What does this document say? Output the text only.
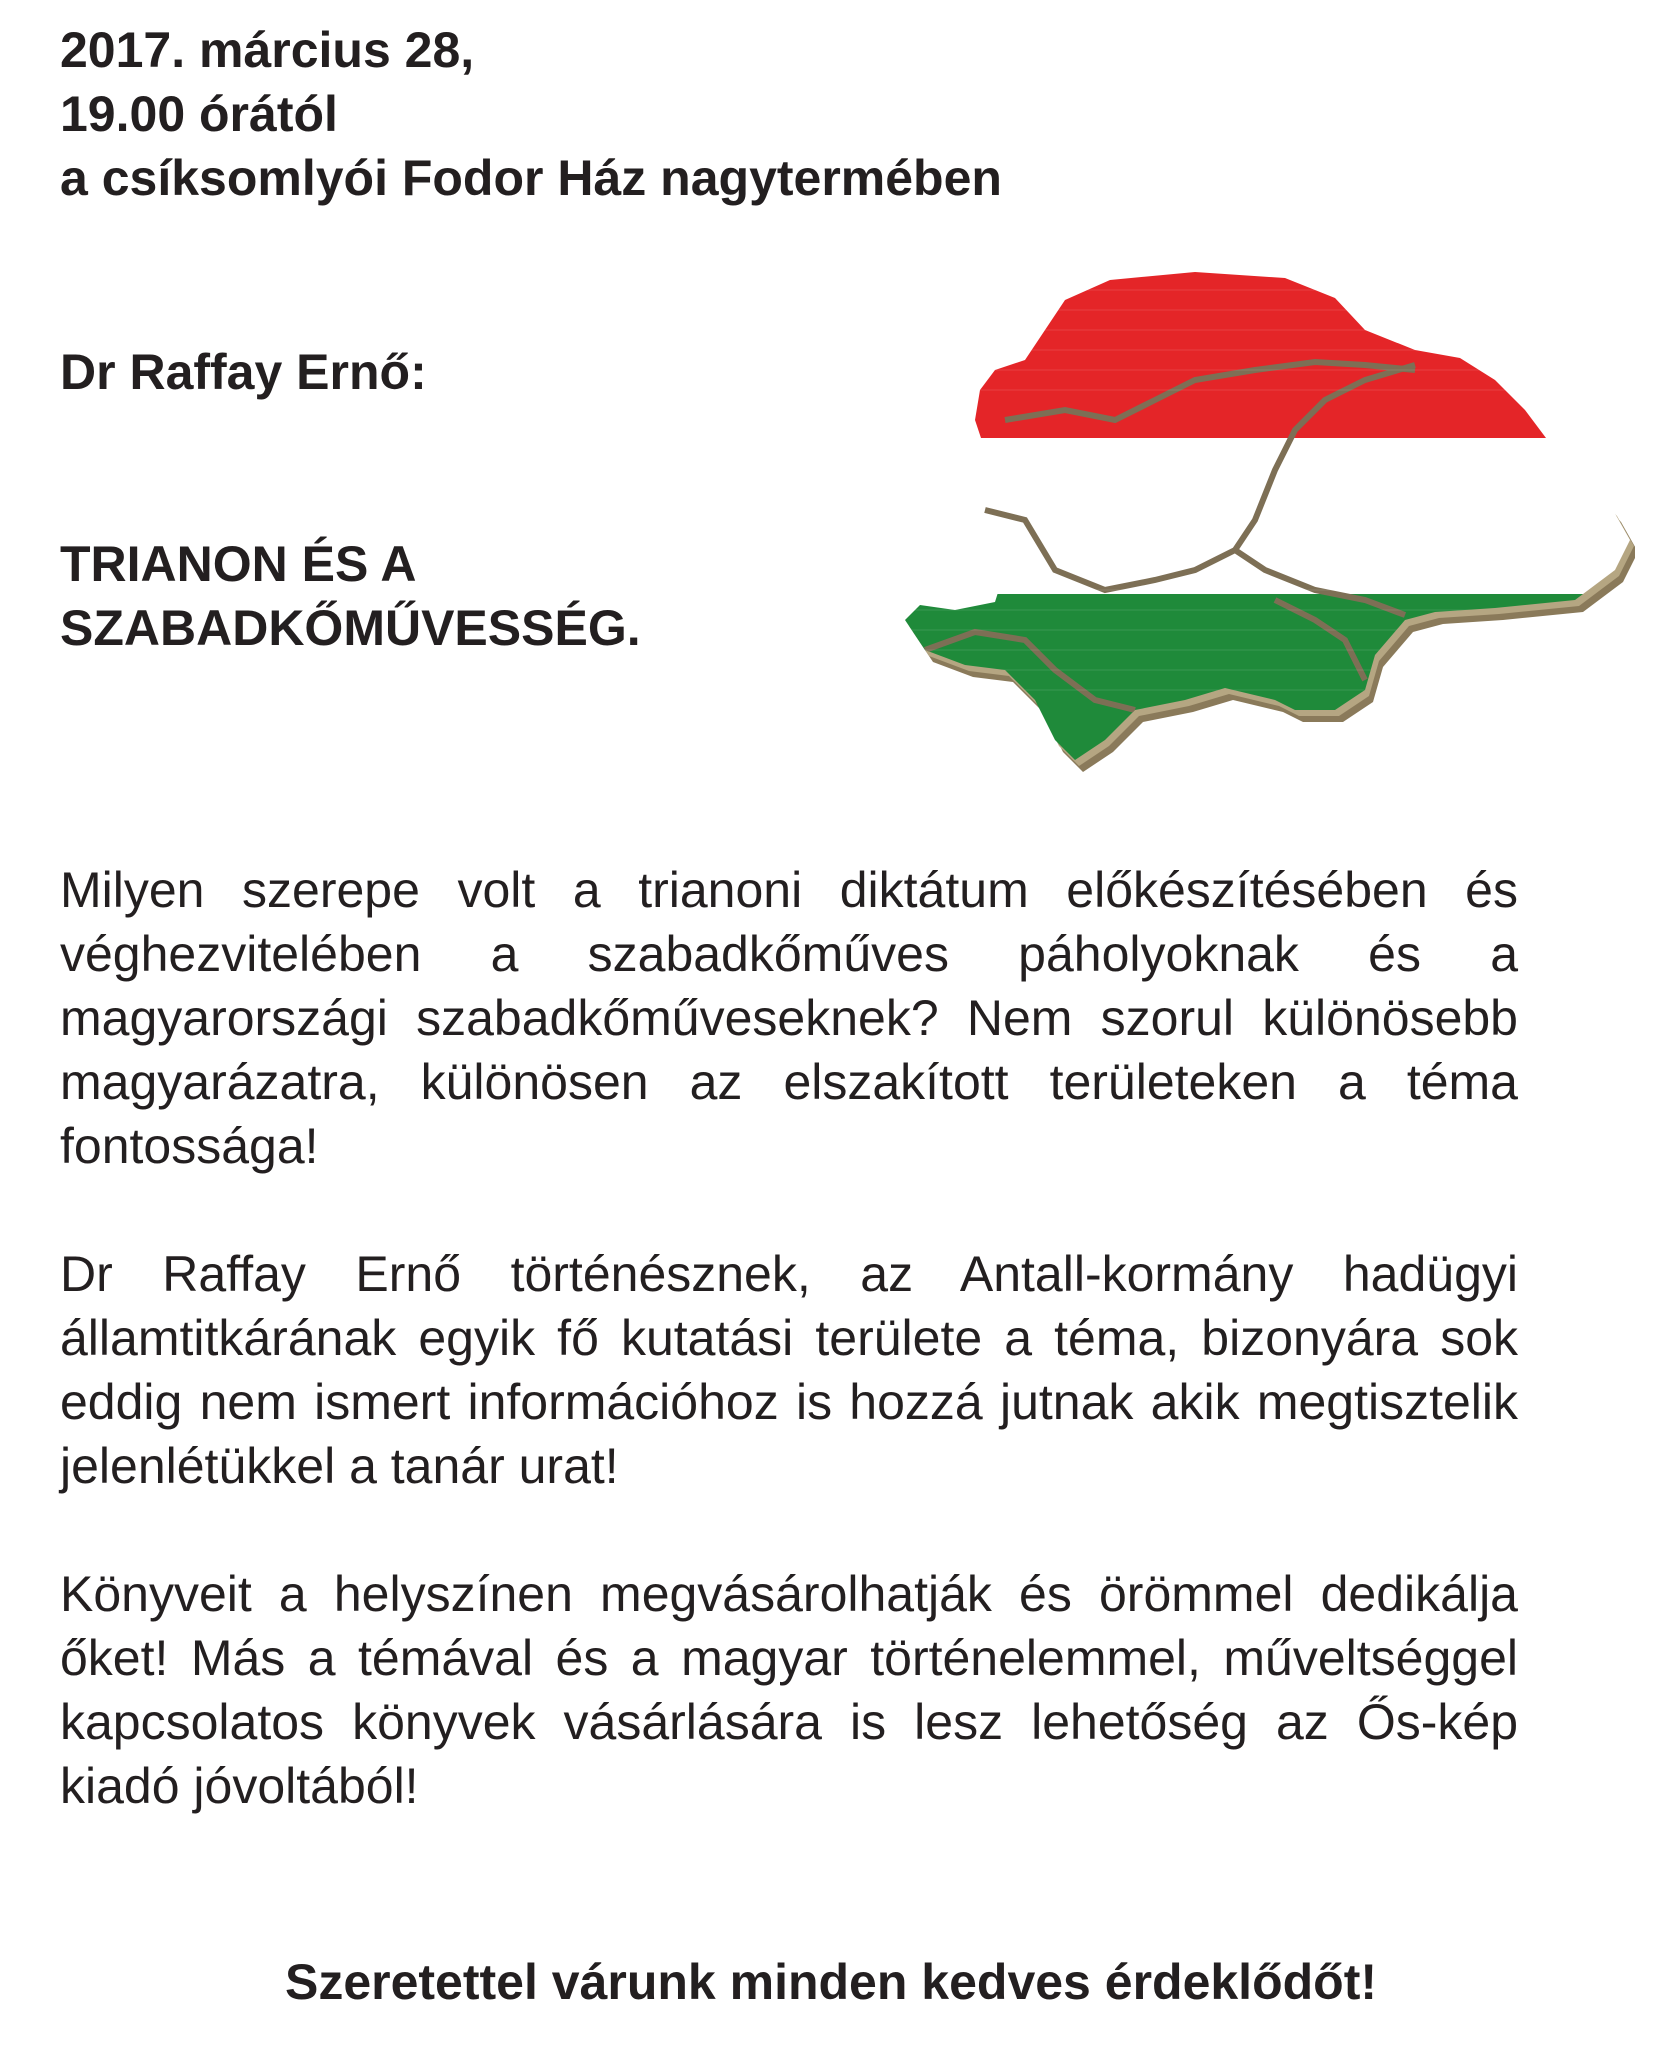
2017. március 28,
19.00 órától
a csíksomlyói Fodor Ház nagytermében
Dr Raffay Ernő:
TRIANON ÉS A
SZABADKŐMŰVESSÉG.
Milyen szerepe volt a trianoni diktátum előkészítésében és véghezvitelében a szabadkőműves páholyoknak és a magyarországi szabadkőműveseknek? Nem szorul különösebb magyarázatra, különösen az elszakított területeken a téma fontossága!
Dr Raffay Ernő történésznek, az Antall-kormány hadügyi államtitkárának egyik fő kutatási területe a téma, bizonyára sok eddig nem ismert információhoz is hozzá jutnak akik megtisztelik jelenlétükkel a tanár urat!
Könyveit a helyszínen megvásárolhatják és örömmel dedikálja őket! Más a témával és a magyar történelemmel, műveltséggel kapcsolatos könyvek vásárlására is lesz lehetőség az Ős-kép kiadó jóvoltából!
Szeretettel várunk minden kedves érdeklődőt!
